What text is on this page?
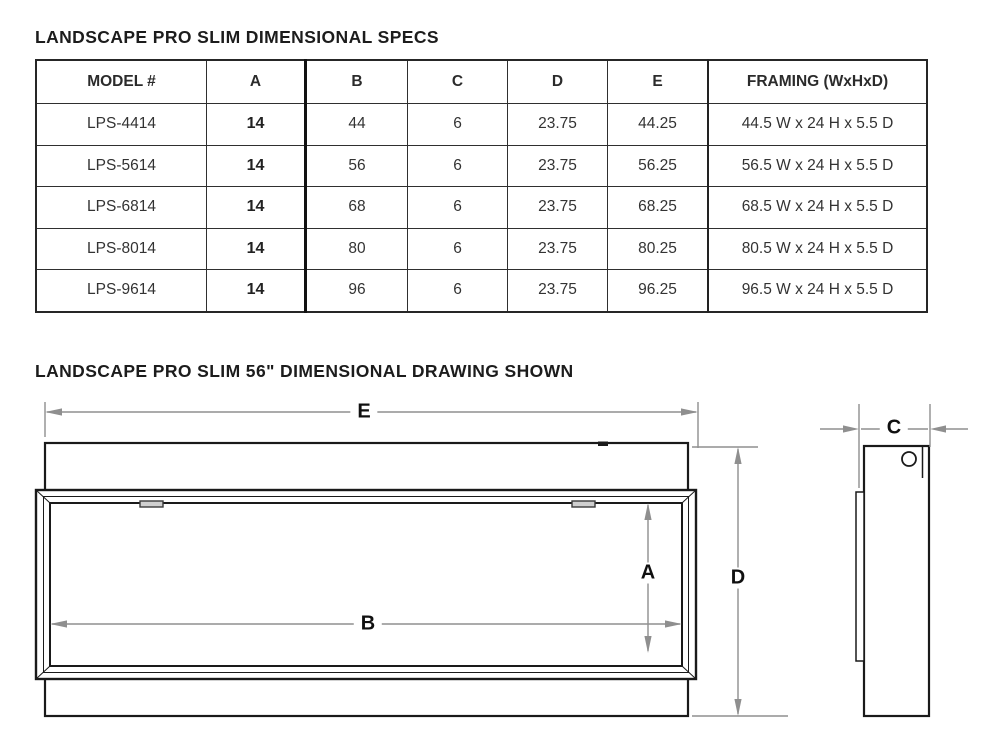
LANDSCAPE PRO SLIM DIMENSIONAL SPECS
MODEL #	A	B	C	D	E	FRAMING (WxHxD)
LPS-4414	14	44	6	23.75	44.25	44.5 W x 24 H x 5.5 D
LPS-5614	14	56	6	23.75	56.25	56.5 W x 24 H x 5.5 D
LPS-6814	14	68	6	23.75	68.25	68.5 W x 24 H x 5.5 D
LPS-8014	14	80	6	23.75	80.25	80.5 W x 24 H x 5.5 D
LPS-9614	14	96	6	23.75	96.25	96.5 W x 24 H x 5.5 D
LANDSCAPE PRO SLIM 56" DIMENSIONAL DRAWING SHOWN
E
A
B
D
C
